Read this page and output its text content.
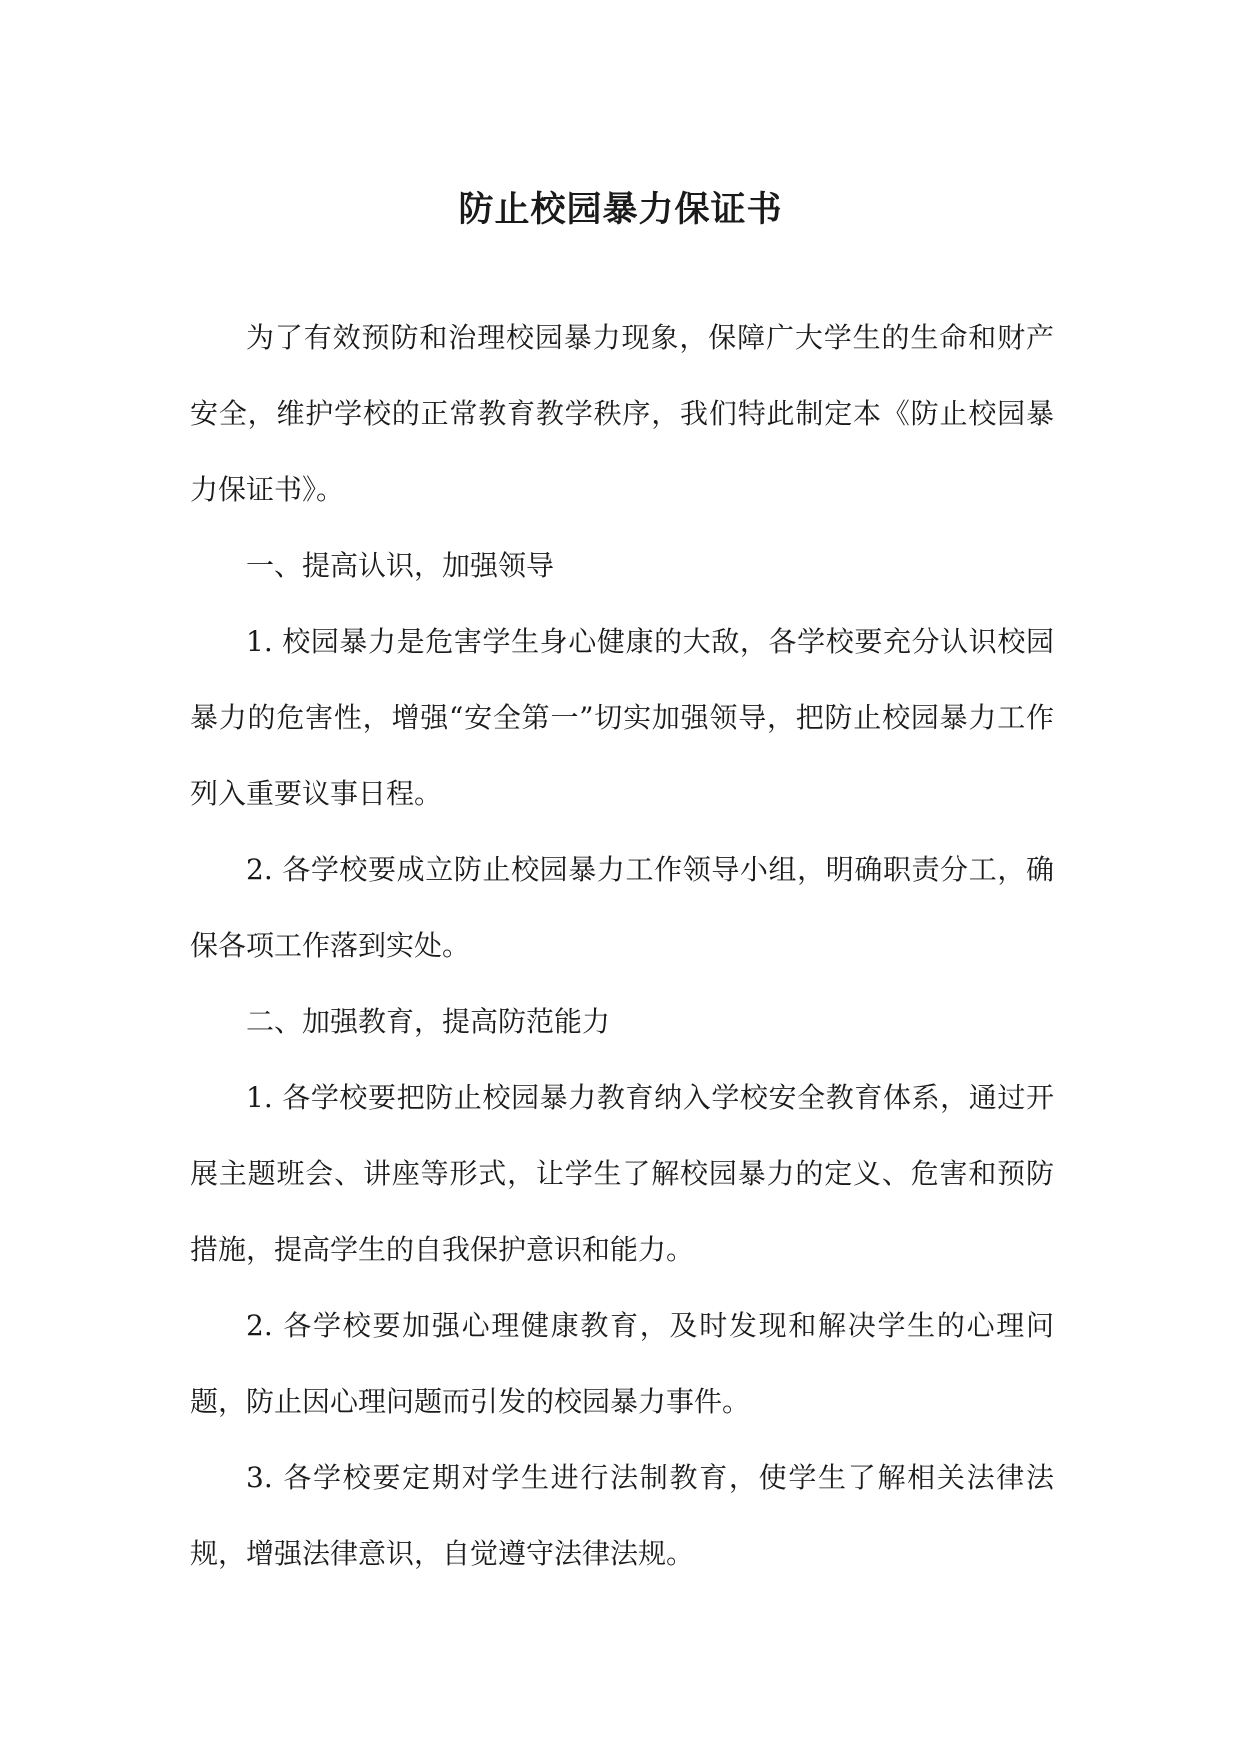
防止校园暴力保证书

为了有效预防和治理校园暴力现象，保障广大学生的生命和财产安全，维护学校的正常教育教学秩序，我们特此制定本《防止校园暴力保证书》。

一、提高认识，加强领导

1. 校园暴力是危害学生身心健康的大敌，各学校要充分认识校园暴力的危害性，增强“安全第一”切实加强领导，把防止校园暴力工作列入重要议事日程。

2. 各学校要成立防止校园暴力工作领导小组，明确职责分工，确保各项工作落到实处。

二、加强教育，提高防范能力

1. 各学校要把防止校园暴力教育纳入学校安全教育体系，通过开展主题班会、讲座等形式，让学生了解校园暴力的定义、危害和预防措施，提高学生的自我保护意识和能力。

2. 各学校要加强心理健康教育，及时发现和解决学生的心理问题，防止因心理问题而引发的校园暴力事件。

3. 各学校要定期对学生进行法制教育，使学生了解相关法律法规，增强法律意识，自觉遵守法律法规。
